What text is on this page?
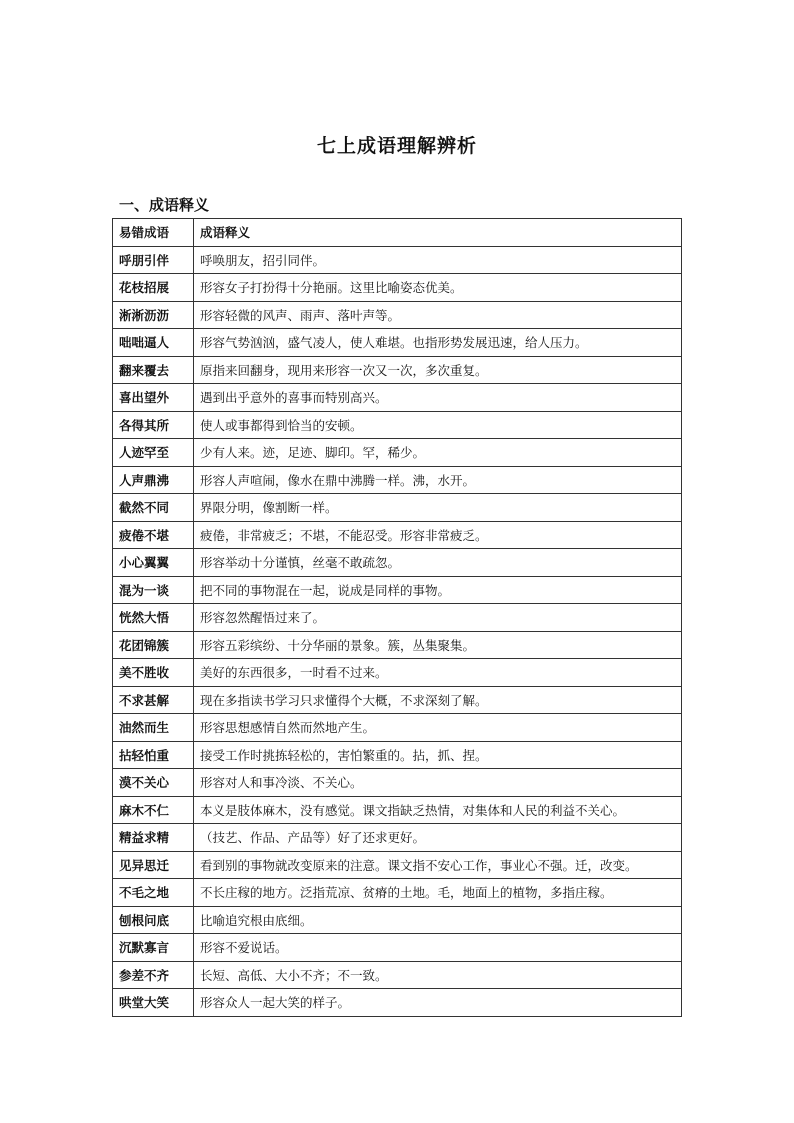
七上成语理解辨析
一、成语释义
易错成语	成语释义
呼朋引伴	呼唤朋友，招引同伴。
花枝招展	形容女子打扮得十分艳丽。这里比喻姿态优美。
淅淅沥沥	形容轻微的风声、雨声、落叶声等。
咄咄逼人	形容气势汹汹，盛气凌人，使人难堪。也指形势发展迅速，给人压力。
翻来覆去	原指来回翻身，现用来形容一次又一次，多次重复。
喜出望外	遇到出乎意外的喜事而特别高兴。
各得其所	使人或事都得到恰当的安顿。
人迹罕至	少有人来。迹，足迹、脚印。罕，稀少。
人声鼎沸	形容人声喧闹，像水在鼎中沸腾一样。沸，水开。
截然不同	界限分明，像割断一样。
疲倦不堪	疲倦，非常疲乏；不堪，不能忍受。形容非常疲乏。
小心翼翼	形容举动十分谨慎，丝毫不敢疏忽。
混为一谈	把不同的事物混在一起，说成是同样的事物。
恍然大悟	形容忽然醒悟过来了。
花团锦簇	形容五彩缤纷、十分华丽的景象。簇，丛集聚集。
美不胜收	美好的东西很多，一时看不过来。
不求甚解	现在多指读书学习只求懂得个大概，不求深刻了解。
油然而生	形容思想感情自然而然地产生。
拈轻怕重	接受工作时挑拣轻松的，害怕繁重的。拈，抓、捏。
漠不关心	形容对人和事冷淡、不关心。
麻木不仁	本义是肢体麻木，没有感觉。课文指缺乏热情，对集体和人民的利益不关心。
精益求精	（技艺、作品、产品等）好了还求更好。
见异思迁	看到别的事物就改变原来的注意。课文指不安心工作，事业心不强。迁，改变。
不毛之地	不长庄稼的地方。泛指荒凉、贫瘠的土地。毛，地面上的植物，多指庄稼。
刨根问底	比喻追究根由底细。
沉默寡言	形容不爱说话。
参差不齐	长短、高低、大小不齐；不一致。
哄堂大笑	形容众人一起大笑的样子。
